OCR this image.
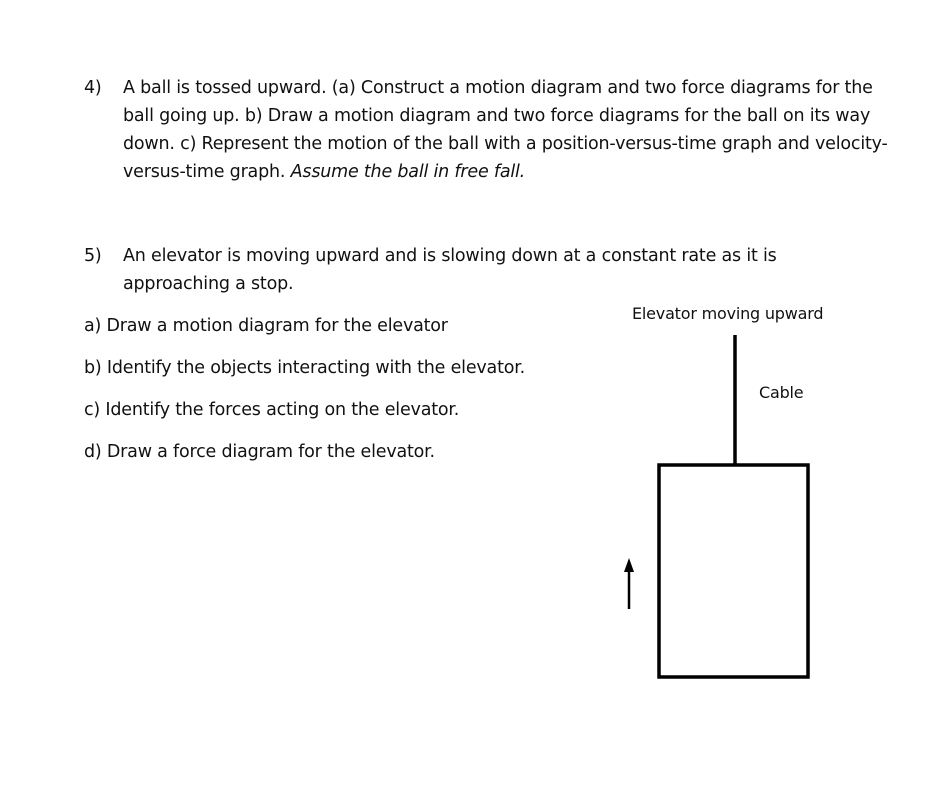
4) A ball is tossed upward. (a) Construct a motion diagram and two force diagrams for the ball going up. b) Draw a motion diagram and two force diagrams for the ball on its way down. c) Represent the motion of the ball with a position-versus-time graph and velocity-versus-time graph. Assume the ball in free fall.
5) An elevator is moving upward and is slowing down at a constant rate as it is approaching a stop.
a) Draw a motion diagram for the elevator
b) Identify the objects interacting with the elevator.
c) Identify the forces acting on the elevator.
d) Draw a force diagram for the elevator.
Elevator moving upward
Cable
